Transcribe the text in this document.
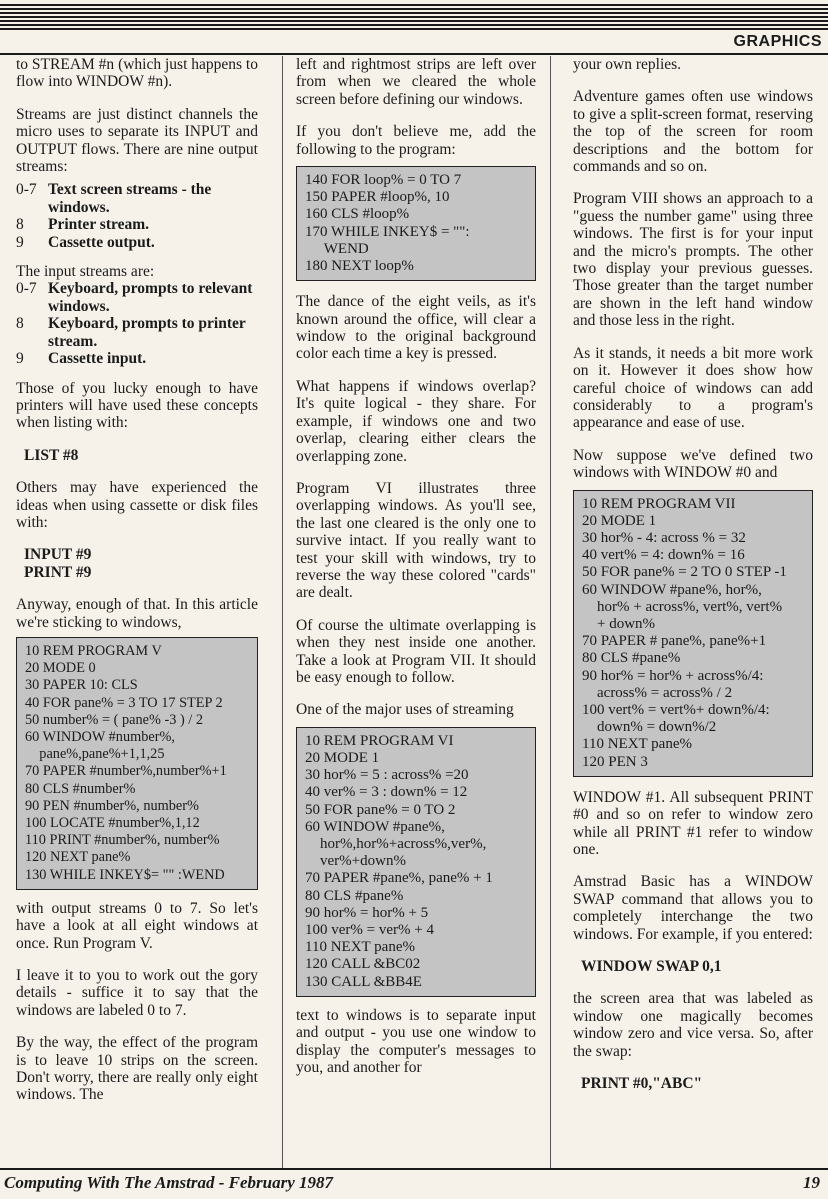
GRAPHICS

to STREAM #n (which just happens to flow into WINDOW #n).

Streams are just distinct channels the micro uses to separate its INPUT and OUTPUT flows. There are nine output streams:

0-7	Text screen streams - the windows.
8	Printer stream.
9	Cassette output.

The input streams are:

0-7	Keyboard, prompts to relevant windows.
8	Keyboard, prompts to printer stream.
9	Cassette input.

Those of you lucky enough to have printers will have used these concepts when listing with:

LIST #8

Others may have experienced the ideas when using cassette or disk files with:

INPUT #9
PRINT #9

Anyway, enough of that. In this article we're sticking to windows,

10 REM PROGRAM V
20 MODE 0
30 PAPER 10: CLS
40 FOR pane% = 3 TO 17 STEP 2
50 number% = ( pane% -3 ) / 2
60 WINDOW #number%,
pane%,pane%+1,1,25
70 PAPER #number%,number%+1
80 CLS #number%
90 PEN #number%, number%
100 LOCATE #number%,1,12
110 PRINT #number%, number%
120 NEXT pane%
130 WHILE INKEY$= "" :WEND

with output streams 0 to 7. So let's have a look at all eight windows at once. Run Program V.

I leave it to you to work out the gory details - suffice it to say that the windows are labeled 0 to 7.

By the way, the effect of the program is to leave 10 strips on the screen. Don't worry, there are really only eight windows. The

left and rightmost strips are left over from when we cleared the whole screen before defining our windows.

If you don't believe me, add the following to the program:

140 FOR loop% = 0 TO 7
150 PAPER #loop%, 10
160 CLS #loop%
170 WHILE INKEY$ = "":
WEND
180 NEXT loop%

The dance of the eight veils, as it's known around the office, will clear a window to the original background color each time a key is pressed.

What happens if windows overlap? It's quite logical - they share. For example, if windows one and two overlap, clearing either clears the overlapping zone.

Program VI illustrates three overlapping windows. As you'll see, the last one cleared is the only one to survive intact. If you really want to test your skill with windows, try to reverse the way these colored "cards" are dealt.

Of course the ultimate overlapping is when they nest inside one another. Take a look at Program VII. It should be easy enough to follow.

One of the major uses of streaming

10 REM PROGRAM VI
20 MODE 1
30 hor% = 5 : across% =20
40 ver% = 3 : down% = 12
50 FOR pane% = 0 TO 2
60 WINDOW #pane%,
hor%,hor%+across%,ver%,
ver%+down%
70 PAPER #pane%, pane% + 1
80 CLS #pane%
90 hor% = hor% + 5
100 ver% = ver% + 4
110 NEXT pane%
120 CALL &BC02
130 CALL &BB4E

text to windows is to separate input and output - you use one window to display the computer's messages to you, and another for

your own replies.

Adventure games often use windows to give a split-screen format, reserving the top of the screen for room descriptions and the bottom for commands and so on.

Program VIII shows an approach to a "guess the number game" using three windows. The first is for your input and the micro's prompts. The other two display your previous guesses. Those greater than the target number are shown in the left hand window and those less in the right.

As it stands, it needs a bit more work on it. However it does show how careful choice of windows can add considerably to a program's appearance and ease of use.

Now suppose we've defined two windows with WINDOW #0 and

10 REM PROGRAM VII
20 MODE 1
30 hor% - 4: across % = 32
40 vert% = 4: down% = 16
50 FOR pane% = 2 TO 0 STEP -1
60 WINDOW #pane%, hor%,
hor% + across%, vert%, vert%
+ down%
70 PAPER # pane%, pane%+1
80 CLS #pane%
90 hor% = hor% + across%/4:
across% = across% / 2
100 vert% = vert%+ down%/4:
down% = down%/2
110 NEXT pane%
120 PEN 3

WINDOW #1. All subsequent PRINT #0 and so on refer to window zero while all PRINT #1 refer to window one.

Amstrad Basic has a WINDOW SWAP command that allows you to completely interchange the two windows. For example, if you entered:

WINDOW SWAP 0,1

the screen area that was labeled as window one magically becomes window zero and vice versa. So, after the swap:

PRINT #0,"ABC"
Computing With The Amstrad - February 1987	19
